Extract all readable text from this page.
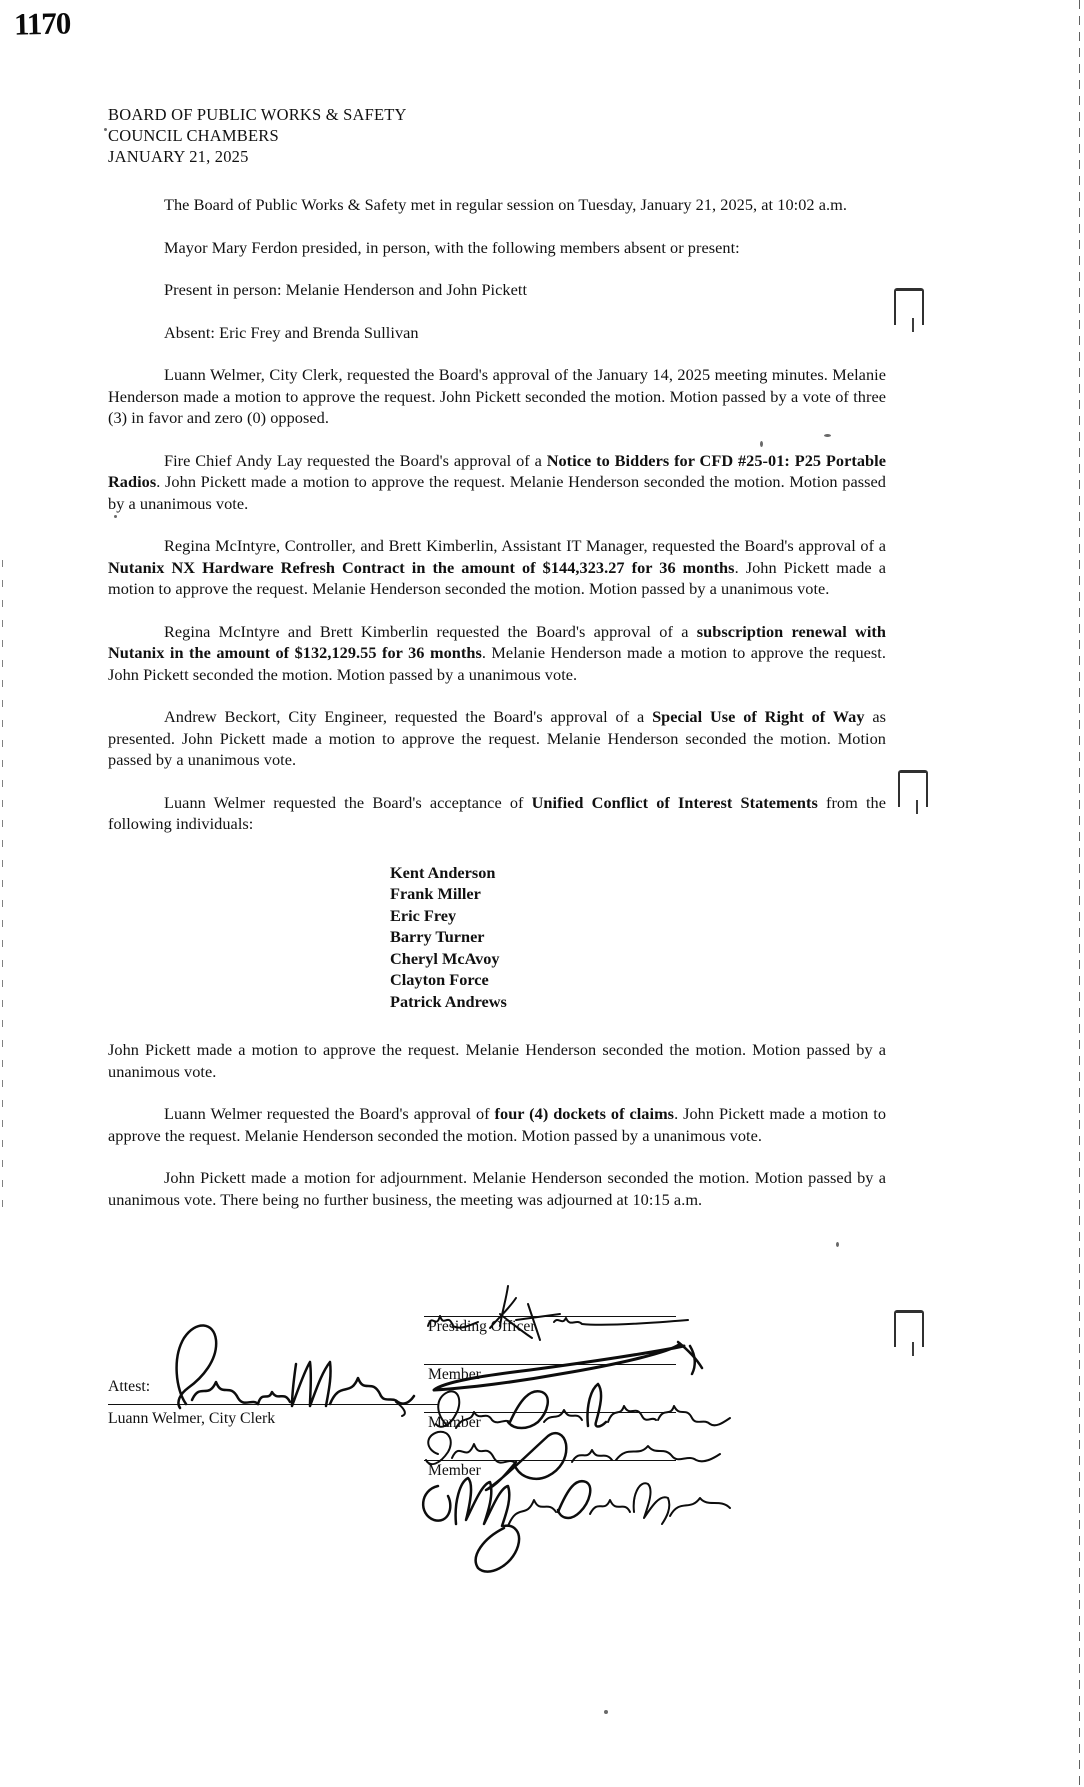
1170
BOARD OF PUBLIC WORKS & SAFETY
COUNCIL CHAMBERS
JANUARY 21, 2025

The Board of Public Works & Safety met in regular session on Tuesday, January 21, 2025, at 10:02 a.m.

Mayor Mary Ferdon presided, in person, with the following members absent or present:

Present in person: Melanie Henderson and John Pickett

Absent: Eric Frey and Brenda Sullivan

Luann Welmer, City Clerk, requested the Board's approval of the January 14, 2025 meeting minutes. Melanie Henderson made a motion to approve the request. John Pickett seconded the motion. Motion passed by a vote of three (3) in favor and zero (0) opposed.

Fire Chief Andy Lay requested the Board's approval of a Notice to Bidders for CFD #25-01: P25 Portable Radios. John Pickett made a motion to approve the request. Melanie Henderson seconded the motion. Motion passed by a unanimous vote.

Regina McIntyre, Controller, and Brett Kimberlin, Assistant IT Manager, requested the Board's approval of a Nutanix NX Hardware Refresh Contract in the amount of $144,323.27 for 36 months. John Pickett made a motion to approve the request. Melanie Henderson seconded the motion. Motion passed by a unanimous vote.

Regina McIntyre and Brett Kimberlin requested the Board's approval of a subscription renewal with Nutanix in the amount of $132,129.55 for 36 months. Melanie Henderson made a motion to approve the request. John Pickett seconded the motion. Motion passed by a unanimous vote.

Andrew Beckort, City Engineer, requested the Board's approval of a Special Use of Right of Way as presented. John Pickett made a motion to approve the request. Melanie Henderson seconded the motion. Motion passed by a unanimous vote.

Luann Welmer requested the Board's acceptance of Unified Conflict of Interest Statements from the following individuals:

Kent Anderson
Frank Miller
Eric Frey
Barry Turner
Cheryl McAvoy
Clayton Force
Patrick Andrews

John Pickett made a motion to approve the request. Melanie Henderson seconded the motion. Motion passed by a unanimous vote.

Luann Welmer requested the Board's approval of four (4) dockets of claims. John Pickett made a motion to approve the request. Melanie Henderson seconded the motion. Motion passed by a unanimous vote.

John Pickett made a motion for adjournment. Melanie Henderson seconded the motion. Motion passed by a unanimous vote. There being no further business, the meeting was adjourned at 10:15 a.m.

Presiding Officer
Member
Member
Member
Attest:
Luann Welmer, City Clerk
